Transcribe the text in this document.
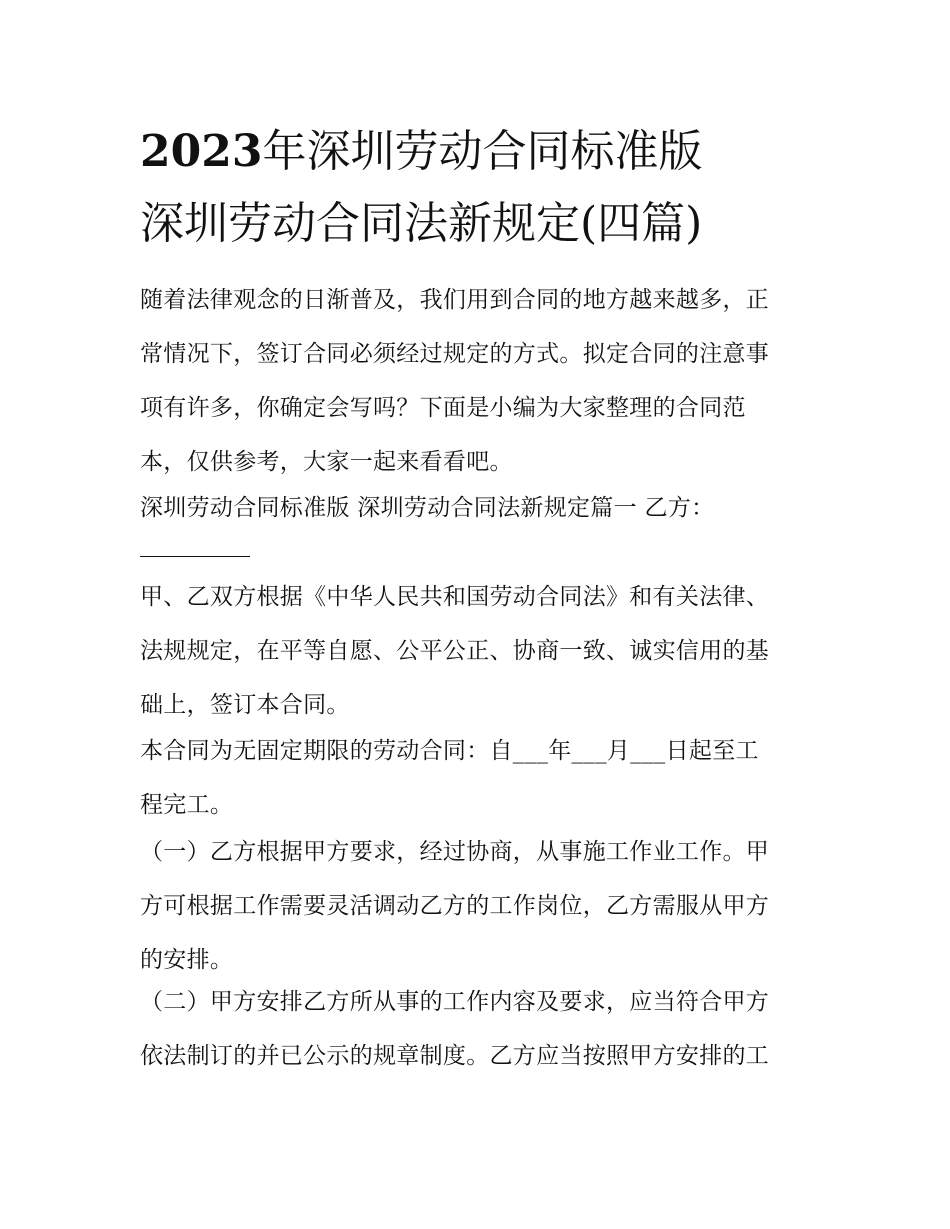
2023年深圳劳动合同标准版
深圳劳动合同法新规定(四篇)
随着法律观念的日渐普及，我们用到合同的地方越来越多，正
常情况下，签订合同必须经过规定的方式。拟定合同的注意事
项有许多，你确定会写吗？下面是小编为大家整理的合同范
本，仅供参考，大家一起来看看吧。
深圳劳动合同标准版 深圳劳动合同法新规定篇一 乙方：
甲、乙双方根据《中华人民共和国劳动合同法》和有关法律、
法规规定，在平等自愿、公平公正、协商一致、诚实信用的基
础上，签订本合同。
本合同为无固定期限的劳动合同：自___年___月___日起至工
程完工。
（一）乙方根据甲方要求，经过协商，从事施工作业工作。甲
方可根据工作需要灵活调动乙方的工作岗位，乙方需服从甲方
的安排。
（二）甲方安排乙方所从事的工作内容及要求，应当符合甲方
依法制订的并已公示的规章制度。乙方应当按照甲方安排的工
